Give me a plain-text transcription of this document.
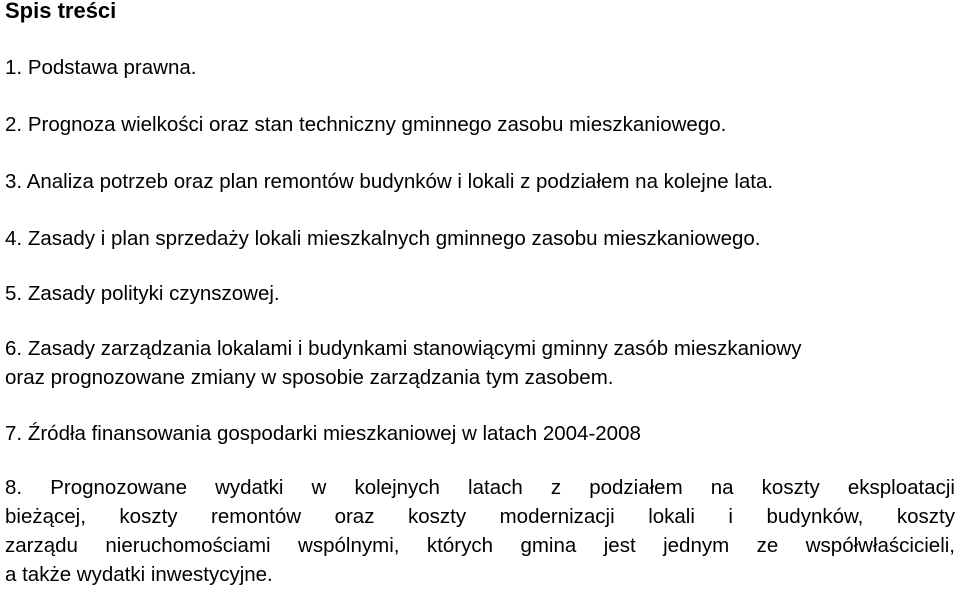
Spis treści

1. Podstawa prawna.

2. Prognoza wielkości oraz stan techniczny gminnego zasobu mieszkaniowego.

3. Analiza potrzeb oraz plan remontów budynków i lokali z podziałem na kolejne lata.

4. Zasady i plan sprzedaży lokali mieszkalnych gminnego zasobu mieszkaniowego.

5. Zasady polityki czynszowej.

6. Zasady zarządzania lokalami i budynkami stanowiącymi gminny zasób mieszkaniowy
oraz prognozowane zmiany w sposobie zarządzania tym zasobem.

7. Źródła finansowania gospodarki mieszkaniowej w latach 2004-2008

8. Prognozowane wydatki w kolejnych latach z podziałem na koszty eksploatacji
bieżącej, koszty remontów oraz koszty modernizacji lokali i budynków, koszty
zarządu nieruchomościami wspólnymi, których gmina jest jednym ze współwłaścicieli,
a także wydatki inwestycyjne.
